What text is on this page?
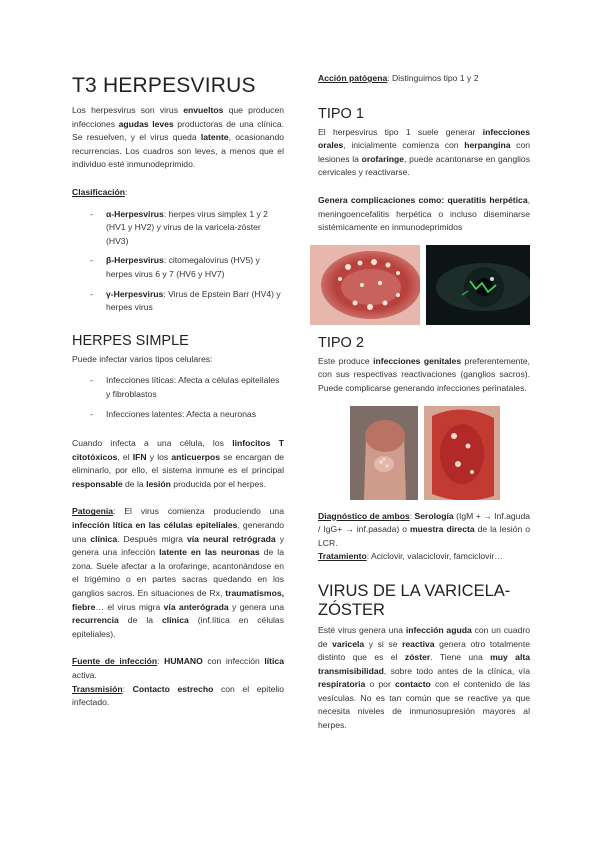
T3 HERPESVIRUS

Los herpesvirus son virus envueltos que producen infecciones agudas leves productoras de una clínica. Se resuelven, y el virus queda latente, ocasionando recurrencias. Los cuadros son leves, a menos que el individuo esté inmunodeprimido.

Clasificación:

- α-Herpesvirus: herpes virus simplex 1 y 2 (HV1 y HV2) y virus de la varicela-zóster (HV3)
- β-Herpesvirus: citomegalovirus (HV5) y herpes virus 6 y 7 (HV6 y HV7)
- γ-Herpesvirus: Virus de Epstein Barr (HV4) y herpes virus
HERPES SIMPLE

Puede infectar varios tipos celulares:

- Infecciones líticas: Afecta a células epiteliales y fibroblastos
- Infecciones latentes: Afecta a neuronas

Cuando infecta a una célula, los linfocitos T citotóxicos, el IFN y los anticuerpos se encargan de eliminarlo, por ello, el sistema inmune es el principal responsable de la lesión producida por el herpes.

Patogenia: El virus comienza produciendo una infección lítica en las células epiteliales, generando una clínica. Después migra vía neural retrógrada y genera una infección latente en las neuronas de la zona. Suele afectar a la orofaringe, acantonándose en el trigémino o en partes sacras quedando en los ganglios sacros. En situaciones de Rx, traumatismos, fiebre… el virus migra vía anterógrada y genera una recurrencia de la clínica (inf.lítica en células epiteliales).

Fuente de infección: HUMANO con infección lítica activa.

Transmisión: Contacto estrecho con el epitelio infectado.

Acción patógena: Distinguimos tipo 1 y 2

TIPO 1

El herpesvirus tipo 1 suele generar infecciones orales, inicialmente comienza con herpangina con lesiones la orofaringe, puede acantonarse en ganglios cervicales y reactivarse.

Genera complicaciones como: queratitis herpética, meningoencefalitis herpética o incluso diseminarse sistémicamente en inmunodeprimidos

TIPO 2

Este produce infecciones genitales preferentemente, con sus respectivas reactivaciones (ganglios sacros). Puede complicarse generando infecciones perinatales.

Diagnóstico de ambos: Serología (IgM + → Inf.aguda / IgG+ → inf.pasada) o muestra directa de la lesión o LCR.

Tratamiento: Aciclovir, valaciclovir, famciclovir…

VIRUS DE LA VARICELA-ZÓSTER

Esté virus genera una infección aguda con un cuadro de varicela y si se reactiva genera otro totalmente distinto que es el zóster. Tiene una muy alta transmisibilidad, sobre todo antes de la clínica, vía respiratoria o por contacto con el contenido de las vesículas. No es tan común que se reactive ya que necesita niveles de inmunosupresión mayores al herpes.
